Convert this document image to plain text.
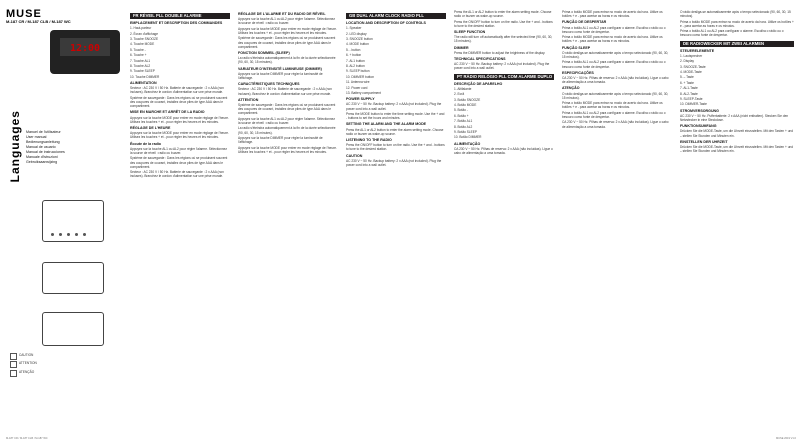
MUSE
M-187 CR / M-187 CLB / M-187 WC
12:00
Languages Manuel de l'utilisateur
User manual
Bedienungsanleitung
Manual de usuario
Manual de instrucciones
Manuale d'istruzioni
Gebruiksaanwijzing
CAUTION
ATTENTION
ATENÇÃO
FR RÉVEIL PLL DOUBLE ALARME
EMPLACEMENT ET DESCRIPTION DES COMMANDES

1. Haut-parleur

2. Écran d'affichage

3. Touche SNOOZE

4. Touche MODE

5. Touche -

6. Touche +

7. Touche AL1

8. Touche AL2

9. Touche SLEEP

10. Touche DIMMER

ALIMENTATION

Secteur : AC 230 V / 50 Hz. Batterie de sauvegarde : 2 x AAA (non incluses). Branchez le cordon d'alimentation sur une prise murale.

Système de sauvegarde : Dans les régions où se produisent souvent des coupures de courant, installez deux piles de type AAA dans le compartiment.

MISE EN MARCHE ET ARRÊT DE LA RADIO

Appuyez sur la touche MODE pour entrer en mode réglage de l'heure. Utilisez les touches + et - pour régler les heures et les minutes.

RÉGLAGE DE L'HEURE

Appuyez sur la touche MODE pour entrer en mode réglage de l'heure. Utilisez les touches + et - pour régler les heures et les minutes.

Écoute de la radio

Appuyez sur la touche AL1 ou AL2 pour régler l'alarme. Sélectionnez la source de réveil : radio ou buzzer.

Système de sauvegarde : Dans les régions où se produisent souvent des coupures de courant, installez deux piles de type AAA dans le compartiment.

Secteur : AC 230 V / 50 Hz. Batterie de sauvegarde : 2 x AAA (non incluses). Branchez le cordon d'alimentation sur une prise murale.

RÉGLAGE DE L'ALARME ET DU RADIO DE RÉVEIL

Appuyez sur la touche AL1 ou AL2 pour régler l'alarme. Sélectionnez la source de réveil : radio ou buzzer.

Appuyez sur la touche MODE pour entrer en mode réglage de l'heure. Utilisez les touches + et - pour régler les heures et les minutes.

Système de sauvegarde : Dans les régions où se produisent souvent des coupures de courant, installez deux piles de type AAA dans le compartiment.

FONCTION SOMMEIL (SLEEP)

La radio s'éteindra automatiquement à la fin de la durée sélectionnée (90, 60, 30, 15 minutes).

VARIATEUR D'INTENSITÉ LUMINEUSE (DIMMER)

Appuyez sur la touche DIMMER pour régler la luminosité de l'affichage.

CARACTÉRISTIQUES TECHNIQUES

Secteur : AC 230 V / 50 Hz. Batterie de sauvegarde : 2 x AAA (non incluses). Branchez le cordon d'alimentation sur une prise murale.

ATTENTION

Système de sauvegarde : Dans les régions où se produisent souvent des coupures de courant, installez deux piles de type AAA dans le compartiment.

Appuyez sur la touche AL1 ou AL2 pour régler l'alarme. Sélectionnez la source de réveil : radio ou buzzer.

La radio s'éteindra automatiquement à la fin de la durée sélectionnée (90, 60, 30, 15 minutes).

Appuyez sur la touche DIMMER pour régler la luminosité de l'affichage.

Appuyez sur la touche MODE pour entrer en mode réglage de l'heure. Utilisez les touches + et - pour régler les heures et les minutes.

GB DUAL ALARM CLOCK RADIO PLL
LOCATION AND DESCRIPTION OF CONTROLS

1. Speaker

2. LED display

3. SNOOZE button

4. MODE button

5. - button

6. + button

7. AL1 button

8. AL2 button

9. SLEEP button

10. DIMMER button

11. Antenna wire

12. Power cord

13. Battery compartment

POWER SUPPLY

AC 230 V ~ 50 Hz. Backup battery: 2 x AAA (not included). Plug the power cord into a wall outlet.

Press the MODE button to enter the time setting mode. Use the + and - buttons to set the hours and minutes.

SETTING THE ALARM AND THE ALARM MODE

Press the AL1 or AL2 button to enter the alarm setting mode. Choose radio or buzzer as wake-up source.

LISTENING TO THE RADIO

Press the ON/OFF button to turn on the radio. Use the + and - buttons to tune to the desired station.

CAUTION

AC 230 V ~ 50 Hz. Backup battery: 2 x AAA (not included). Plug the power cord into a wall outlet.

Press the AL1 or AL2 button to enter the alarm setting mode. Choose radio or buzzer as wake-up source.

Press the ON/OFF button to turn on the radio. Use the + and - buttons to tune to the desired station.

SLEEP FUNCTION

The radio will turn off automatically after the selected time (90, 60, 30, 15 minutes).

DIMMER

Press the DIMMER button to adjust the brightness of the display.

TECHNICAL SPECIFICATIONS

AC 230 V ~ 50 Hz. Backup battery: 2 x AAA (not included). Plug the power cord into a wall outlet.

PT RÁDIO RELÓGIO PLL COM ALARME DUPLO
DESCRIÇÃO DE APARELHO

1. Altifalante

2. Ecrã

3. Botão SNOOZE

4. Botão MODE

5. Botão -

6. Botão +

7. Botão AL1

8. Botão AL2

9. Botão SLEEP

10. Botão DIMMER

ALIMENTAÇÃO

CA 230 V ~ 50 Hz. Pilhas de reserva: 2 x AAA (não incluídas). Ligue o cabo de alimentação a uma tomada.

Prima o botão MODE para entrar no modo de acerto da hora. Utilize os botões + e - para acertar as horas e os minutos.

FUNÇÃO DE DESPERTAR

Prima o botão AL1 ou AL2 para configurar o alarme. Escolha o rádio ou o besouro como fonte de despertar.

Prima o botão MODE para entrar no modo de acerto da hora. Utilize os botões + e - para acertar as horas e os minutos.

FUNÇÃO SLEEP

O rádio desliga-se automaticamente após o tempo selecionado (90, 60, 30, 15 minutos).

Prima o botão AL1 ou AL2 para configurar o alarme. Escolha o rádio ou o besouro como fonte de despertar.

ESPECIFICAÇÕES

CA 230 V ~ 50 Hz. Pilhas de reserva: 2 x AAA (não incluídas). Ligue o cabo de alimentação a uma tomada.

ATENÇÃO

O rádio desliga-se automaticamente após o tempo selecionado (90, 60, 30, 15 minutos).

Prima o botão MODE para entrar no modo de acerto da hora. Utilize os botões + e - para acertar as horas e os minutos.

Prima o botão AL1 ou AL2 para configurar o alarme. Escolha o rádio ou o besouro como fonte de despertar.

CA 230 V ~ 50 Hz. Pilhas de reserva: 2 x AAA (não incluídas). Ligue o cabo de alimentação a uma tomada.

O rádio desliga-se automaticamente após o tempo selecionado (90, 60, 30, 15 minutos).

Prima o botão MODE para entrar no modo de acerto da hora. Utilize os botões + e - para acertar as horas e os minutos.

Prima o botão AL1 ou AL2 para configurar o alarme. Escolha o rádio ou o besouro como fonte de despertar.

DE RADIOWECKER MIT ZWEI ALARMEN
STEUERELEMENTE

1. Lautsprecher

2. Display

3. SNOOZE-Taste

4. MODE-Taste

5. – Taste

6. + Taste

7. AL1-Taste

8. AL2-Taste

9. SLEEP-Taste

10. DIMMER-Taste

STROMVERSORGUNG

AC 230 V ~ 50 Hz. Pufferbatterie: 2 x AAA (nicht enthalten). Stecken Sie den Netzstecker in eine Steckdose.

FUNKTIONSUMFANG

Drücken Sie die MODE-Taste, um die Uhrzeit einzustellen. Mit den Tasten + und – stellen Sie Stunden und Minuten ein.

EINSTELLEN DER UHRZEIT

Drücken Sie die MODE-Taste, um die Uhrzeit einzustellen. Mit den Tasten + und – stellen Sie Stunden und Minuten ein.

M-187 CR / M-187 CLB / M-187 WC	MUSE 2019 V1.0
